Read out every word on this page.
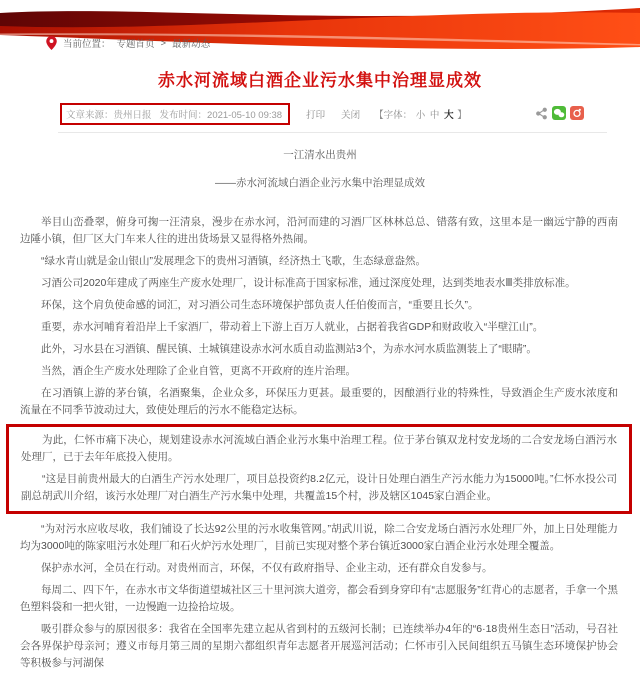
当前位置： 专题首页 > 最新动态
赤水河流域白酒企业污水集中治理显成效
文章来源：贵州日报 发布时间：2021-05-10 09:38	打印 关闭 【字体： 小 中 大 】

一江清水出贵州

——赤水河流域白酒企业污水集中治理显成效

举目山峦叠翠，俯身可掬一汪清泉，漫步在赤水河，沿河而建的习酒厂区林林总总、错落有致，这里本是一幽远宁静的西南边陲小镇，但厂区大门车来人往的进出货场景又显得格外热闹。

“绿水青山就是金山银山”发展理念下的贵州习酒镇，经济热土飞歌，生态绿意盎然。

习酒公司2020年建成了两座生产废水处理厂，设计标准高于国家标准，通过深度处理，达到类地表水Ⅲ类排放标准。

环保，这个肩负使命感的词汇，对习酒公司生态环境保护部负责人任伯俊而言，“重要且长久”。

重要，赤水河哺育着沿岸上千家酒厂，带动着上下游上百万人就业，占据着我省GDP和财政收入“半壁江山”。

此外，习水县在习酒镇、醒民镇、土城镇建设赤水河水质自动监测站3个，为赤水河水质监测装上了“眼睛”。

当然，酒企生产废水处理除了企业自管，更离不开政府的连片治理。

在习酒镇上游的茅台镇，名酒聚集，企业众多，环保压力更甚。最重要的，因酿酒行业的特殊性，导致酒企生产废水浓度和流量在不同季节波动过大，致使处理后的污水不能稳定达标。

为此，仁怀市痛下决心，规划建设赤水河流域白酒企业污水集中治理工程。位于茅台镇双龙村安龙场的二合安龙场白酒污水处理厂，已于去年年底投入使用。

“这是目前贵州最大的白酒生产污水处理厂，项目总投资约8.2亿元，设计日处理白酒生产污水能力为15000吨。”仁怀水投公司副总胡武川介绍，该污水处理厂对白酒生产污水集中处理，共覆盖15个村，涉及辖区1045家白酒企业。

“为对污水应收尽收，我们铺设了长达92公里的污水收集管网。”胡武川说，除二合安龙场白酒污水处理厂外，加上日处理能力均为3000吨的陈家咀污水处理厂和石火炉污水处理厂，目前已实现对整个茅台镇近3000家白酒企业污水处理全覆盖。

保护赤水河，全员在行动。对贵州而言，环保，不仅有政府指导、企业主动，还有群众自发参与。

每周二、四下午，在赤水市文华街道望城社区三十里河滨大道旁，都会看到身穿印有“志愿服务”红背心的志愿者，手拿一个黑色塑料袋和一把火钳，一边慢跑一边捡拾垃圾。

吸引群众参与的原因很多：我省在全国率先建立起从省到村的五级河长制；已连续举办4年的“6·18贵州生态日”活动，号召社会各界保护母亲河；遵义市每月第三周的星期六都组织青年志愿者开展巡河活动；仁怀市引入民间组织五马镇生态环境保护协会等积极参与河湖保
